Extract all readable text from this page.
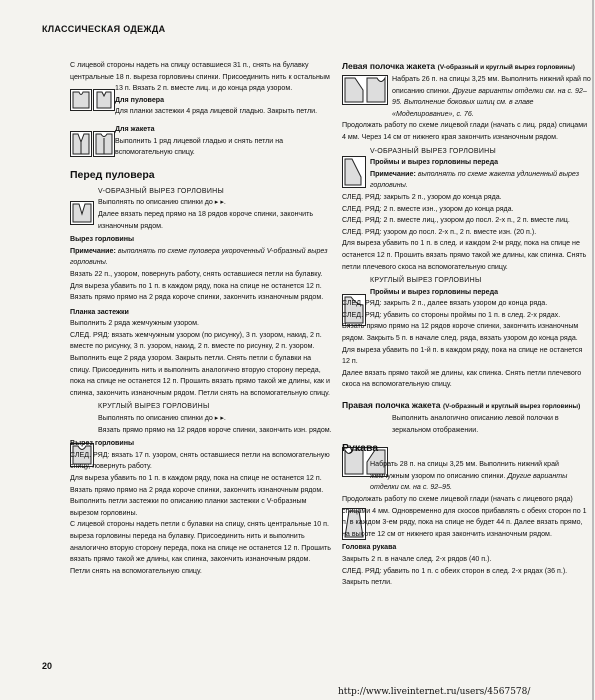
КЛАССИЧЕСКАЯ ОДЕЖДА

С лицевой стороны надеть на спицу оставшиеся 31 п., снять на булавку центральные 18 п. выреза горловины спинки. Присоединить нить к остальным

13 п. Вязать 2 п. вместе лиц. и до конца ряда узором.

Для пуловера

Для планки застежки 4 ряда лицевой гладью. Закрыть петли.

Для жакета

Выполнить 1 ряд лицевой гладью и снять петли на вспомогательную спицу.

Перед пуловера

V-ОБРАЗНЫЙ ВЫРЕЗ ГОРЛОВИНЫ

Выполнять по описанию спинки до ▸ ▸.

Далее вязать перед прямо на 18 рядов короче спинки, закончить изнаночным рядом.

Вырез горловины

Примечание: выполнять по схеме пуловера укороченный V-образный вырез горловины.

Вязать 22 п., узором, повернуть работу, снять оставшиеся петли на булавку.

Для выреза убавить по 1 п. в каждом ряду, пока на спице не останется 12 п.

Вязать прямо прямо на 2 ряда короче спинки, закончить изнаночным рядом.

Планка застежки

Выполнить 2 ряда жемчужным узором.

СЛЕД. РЯД: вязать жемчужным узором (по рисунку), 3 п. узором, накид, 2 п. вместе по рисунку, 3 п. узором, накид, 2 п. вместе по рисунку, 2 п. узором.

Выполнить еще 2 ряда узором. Закрыть петли. Снять петли с булавки на спицу. Присоединить нить и выполнить аналогично вторую сторону переда, пока на спице не останется 12 п. Прошить вязать прямо такой же длины, как и спинка, закончить изнаночным рядом. Петли снять на вспомогательную спицу.

КРУГЛЫЙ ВЫРЕЗ ГОРЛОВИНЫ

Выполнять по описанию спинки до ▸ ▸.

Вязать прямо прямо на 12 рядов короче спинки, закончить изн. рядом.

Вырез горловины

СЛЕД. РЯД: вязать 17 п. узором, снять оставшиеся петли на вспомогательную спицу, повернуть работу.

Для выреза убавить по 1 п. в каждом ряду, пока на спице не останется 12 п. Вязать прямо прямо на 2 ряда короче спинки, закончить изнаночным рядом.

Выполнить петли застежки по описанию планки застежки с V-образным вырезом горловины.

С лицевой стороны надеть петли с булавки на спицу, снять центральные 10 п. выреза горловины переда на булавку. Присоединить нить и выполнить аналогично вторую сторону переда, пока на спице не останется 12 п. Прошить вязать прямо такой же длины, как спинка, закончить изнаночным рядом. Петли снять на вспомогательную спицу.

Левая полочка жакета (V-образный и круглый вырез горловины)

Набрать 26 п. на спицы 3,25 мм. Выполнить нижний край по описанию спинки. Другие варианты отделки см. на с. 92–95. Выполнение боковых шлиц см. в главе «Моделирование», с. 76.

Продолжать работу по схеме лицевой глади (начать с лиц. ряда) спицами 4 мм. Через 14 см от нижнего края закончить изнаночным рядом.

V-ОБРАЗНЫЙ ВЫРЕЗ ГОРЛОВИНЫ

Проймы и вырез горловины переда

Примечание: выполнять по схеме жакета удлиненный вырез горловины.

СЛЕД. РЯД: закрыть 2 п., узором до конца ряда.

СЛЕД. РЯД: 2 п. вместе изн., узором до конца ряда.

СЛЕД. РЯД: 2 п. вместе лиц., узором до посл. 2-х п., 2 п. вместе лиц.

СЛЕД. РЯД: узором до посл. 2-х п., 2 п. вместе изн. (20 п.).

Для выреза убавить по 1 п. в след. и каждом 2-м ряду, пока на спице не останется 12 п. Прошить вязать прямо такой же длины, как спинка. Снять петли плечевого скоса на вспомогательную спицу.

КРУГЛЫЙ ВЫРЕЗ ГОРЛОВИНЫ

Проймы и вырез горловины переда

СЛЕД. РЯД: закрыть 2 п., далее вязать узором до конца ряда.

СЛЕД. РЯД: убавить со стороны проймы по 1 п. в след. 2-х рядах.

Вязать прямо прямо на 12 рядов короче спинки, закончить изнаночным рядом. Закрыть 5 п. в начале след. ряда, вязать узором до конца ряда.

Для выреза убавить по 1-й п. в каждом ряду, пока на спице не останется 12 п.

Далее вязать прямо такой же длины, как спинка. Снять петли плечевого скоса на вспомогательную спицу.

Правая полочка жакета (V-образный и круглый вырез горловины)

Выполнить аналогично описанию левой полочки в зеркальном отображении.

Рукава

Набрать 28 п. на спицы 3,25 мм. Выполнить нижний край жемчужным узором по описанию спинки. Другие варианты отделки см. на с. 92–95.

Продолжать работу по схеме лицевой глади (начать с лицевого ряда) спицами 4 мм. Одновременно для скосов прибавлять с обеих сторон по 1 п. в каждом 3-ем ряду, пока на спице не будет 44 п. Далее вязать прямо, на высоте 12 см от нижнего края закончить изнаночным рядом.

Головка рукава

Закрыть 2 п. в начале след. 2-х рядов (40 п.).

СЛЕД. РЯД: убавить по 1 п. с обеих сторон в след. 2-х рядах (36 п.).

Закрыть петли.

20
http://www.liveinternet.ru/users/4567578/
